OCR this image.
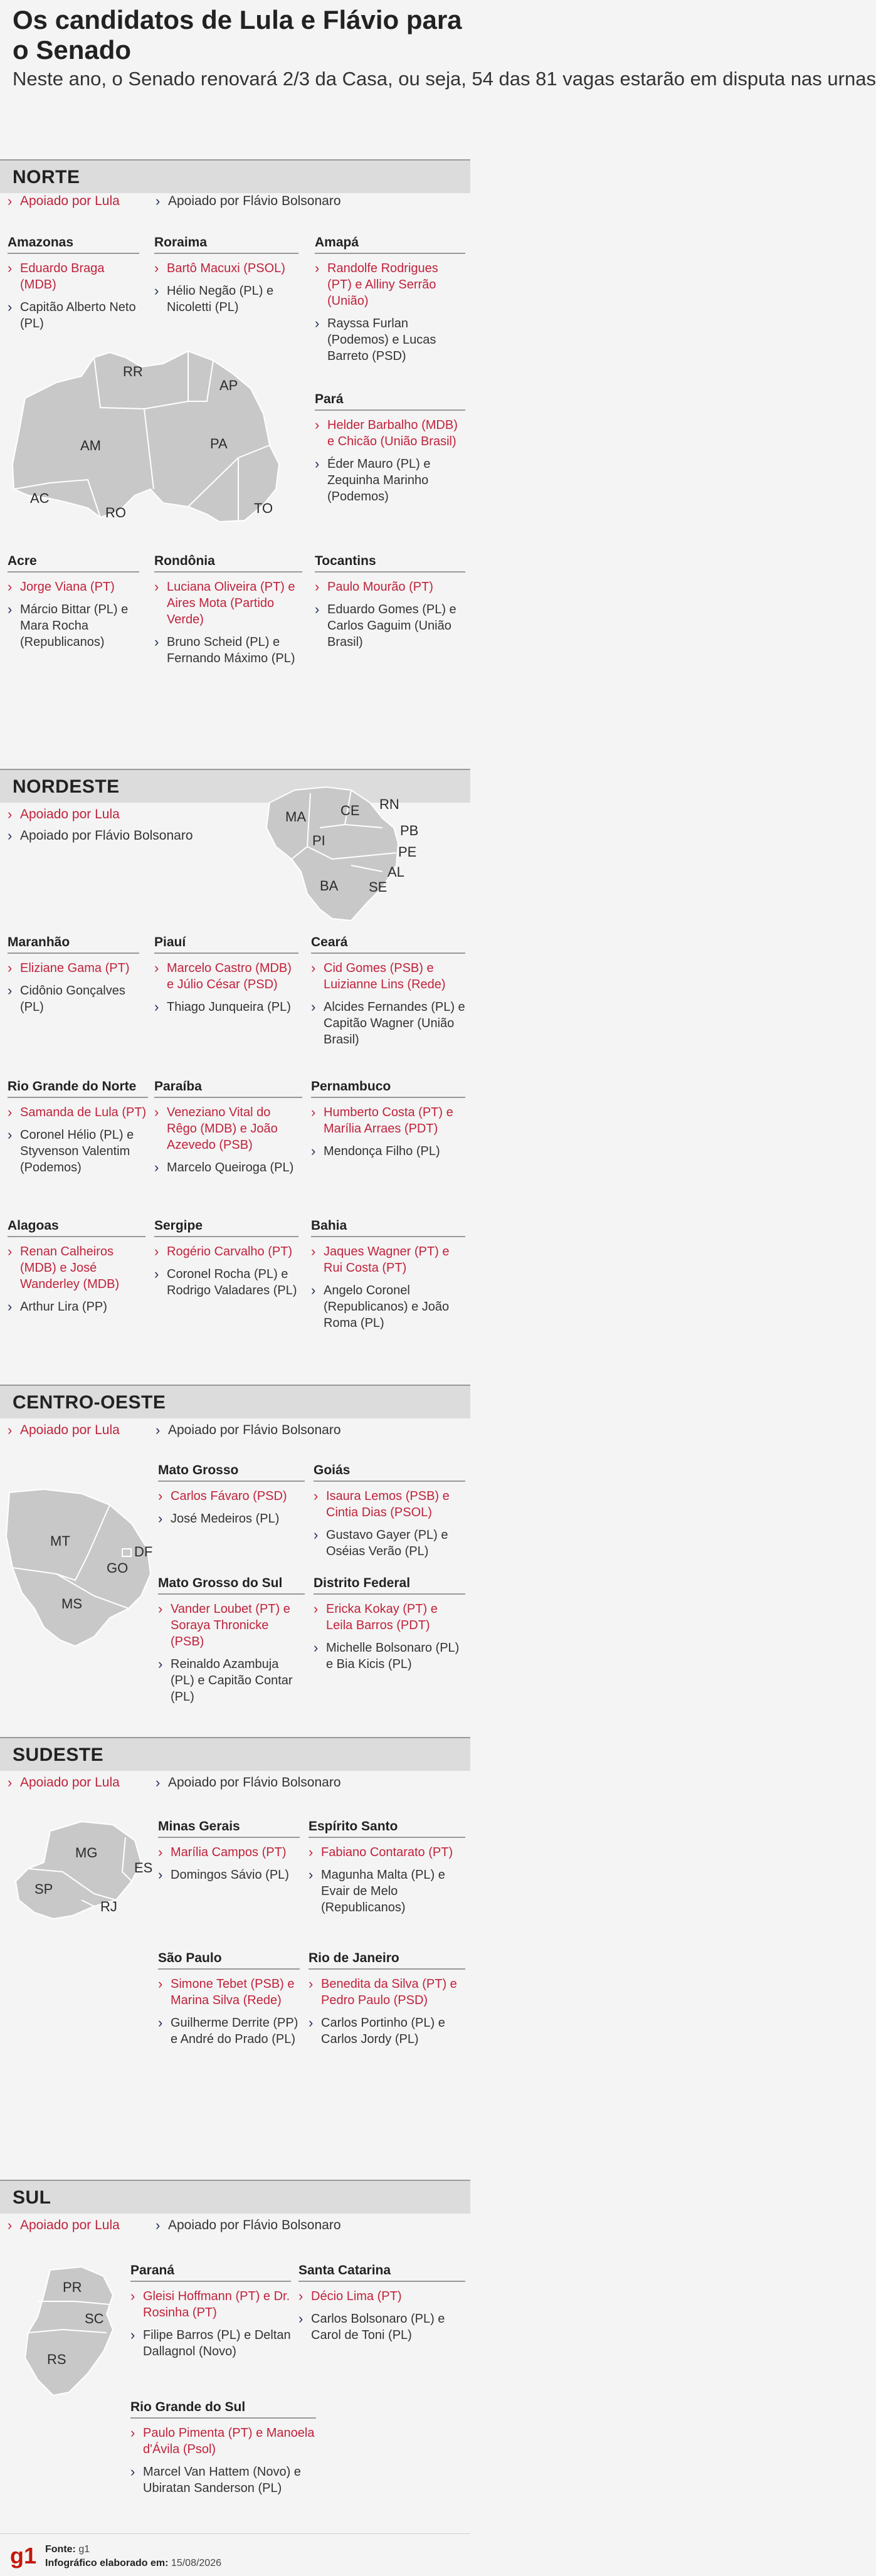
Os candidatos de Lula e Flávio para o Senado
Neste ano, o Senado renovará 2/3 da Casa, ou seja, 54 das 81 vagas estarão em disputa nas urnas
NORTE
› Apoiado por Lula	› Apoiado por Flávio Bolsonaro
RR
AP
AM	PA
AC
RO	TO
Amazonas
› Eduardo Braga (MDB)
› Capitão Alberto Neto (PL)
Roraima
› Bartô Macuxi (PSOL)
› Hélio Negão (PL) e Nicoletti (PL)
Amapá
› Randolfe Rodrigues (PT) e Alliny Serrão (União)
› Rayssa Furlan (Podemos) e Lucas Barreto (PSD)
Pará
› Helder Barbalho (MDB) e Chicão (União Brasil)
› Éder Mauro (PL) e Zequinha Marinho (Podemos)
Acre
› Jorge Viana (PT)
› Márcio Bittar (PL) e Mara Rocha (Republicanos)
Rondônia
› Luciana Oliveira (PT) e Aires Mota (Partido Verde)
› Bruno Scheid (PL) e Fernando Máximo (PL)
Tocantins
› Paulo Mourão (PT)
› Eduardo Gomes (PL) e Carlos Gaguim (União Brasil)
NORDESTE
› Apoiado por Lula
› Apoiado por Flávio Bolsonaro
MA	CE RN
PB
PI
PE
AL
BA SE
Maranhão
› Eliziane Gama (PT)
› Cidônio Gonçalves (PL)
Piauí
› Marcelo Castro (MDB) e Júlio César (PSD)
› Thiago Junqueira (PL)
Ceará
› Cid Gomes (PSB) e Luizianne Lins (Rede)
› Alcides Fernandes (PL) e Capitão Wagner (União Brasil)
Rio Grande do Norte
› Samanda de Lula (PT)
› Coronel Hélio (PL) e Styvenson Valentim (Podemos)
Paraíba
› Veneziano Vital do Rêgo (MDB) e João Azevedo (PSB)
› Marcelo Queiroga (PL)
Pernambuco
› Humberto Costa (PT) e Marília Arraes (PDT)
› Mendonça Filho (PL)
Alagoas
› Renan Calheiros (MDB) e José Wanderley (MDB)
› Arthur Lira (PP)
Sergipe
› Rogério Carvalho (PT)
› Coronel Rocha (PL) e Rodrigo Valadares (PL)
Bahia
› Jaques Wagner (PT) e Rui Costa (PT)
› Angelo Coronel (Republicanos) e João Roma (PL)
CENTRO-OESTE
› Apoiado por Lula	› Apoiado por Flávio Bolsonaro
MT
DF
GO
MS
Mato Grosso
› Carlos Fávaro (PSD)
› José Medeiros (PL)
Goiás
› Isaura Lemos (PSB) e Cintia Dias (PSOL)
› Gustavo Gayer (PL) e Oséias Verão (PL)
Mato Grosso do Sul
› Vander Loubet (PT) e Soraya Thronicke (PSB)
› Reinaldo Azambuja (PL) e Capitão Contar (PL)
Distrito Federal
› Ericka Kokay (PT) e Leila Barros (PDT)
› Michelle Bolsonaro (PL) e Bia Kicis (PL)
SUDESTE
› Apoiado por Lula	› Apoiado por Flávio Bolsonaro
MG
ES
SP
RJ
Minas Gerais
› Marília Campos (PT)
› Domingos Sávio (PL)
Espírito Santo
› Fabiano Contarato (PT)
› Magunha Malta (PL) e Evair de Melo (Republicanos)
São Paulo
› Simone Tebet (PSB) e Marina Silva (Rede)
› Guilherme Derrite (PP) e André do Prado (PL)
Rio de Janeiro
› Benedita da Silva (PT) e Pedro Paulo (PSD)
› Carlos Portinho (PL) e Carlos Jordy (PL)
SUL
› Apoiado por Lula	› Apoiado por Flávio Bolsonaro
PR
SC
RS
Paraná
› Gleisi Hoffmann (PT) e Dr. Rosinha (PT)
› Filipe Barros (PL) e Deltan Dallagnol (Novo)
Santa Catarina
› Décio Lima (PT)
› Carlos Bolsonaro (PL) e Carol de Toni (PL)
Rio Grande do Sul
› Paulo Pimenta (PT) e Manoela d'Ávila (Psol)
› Marcel Van Hattem (Novo) e Ubiratan Sanderson (PL)
g1 Fonte: g1
Infográfico elaborado em: 15/08/2026
